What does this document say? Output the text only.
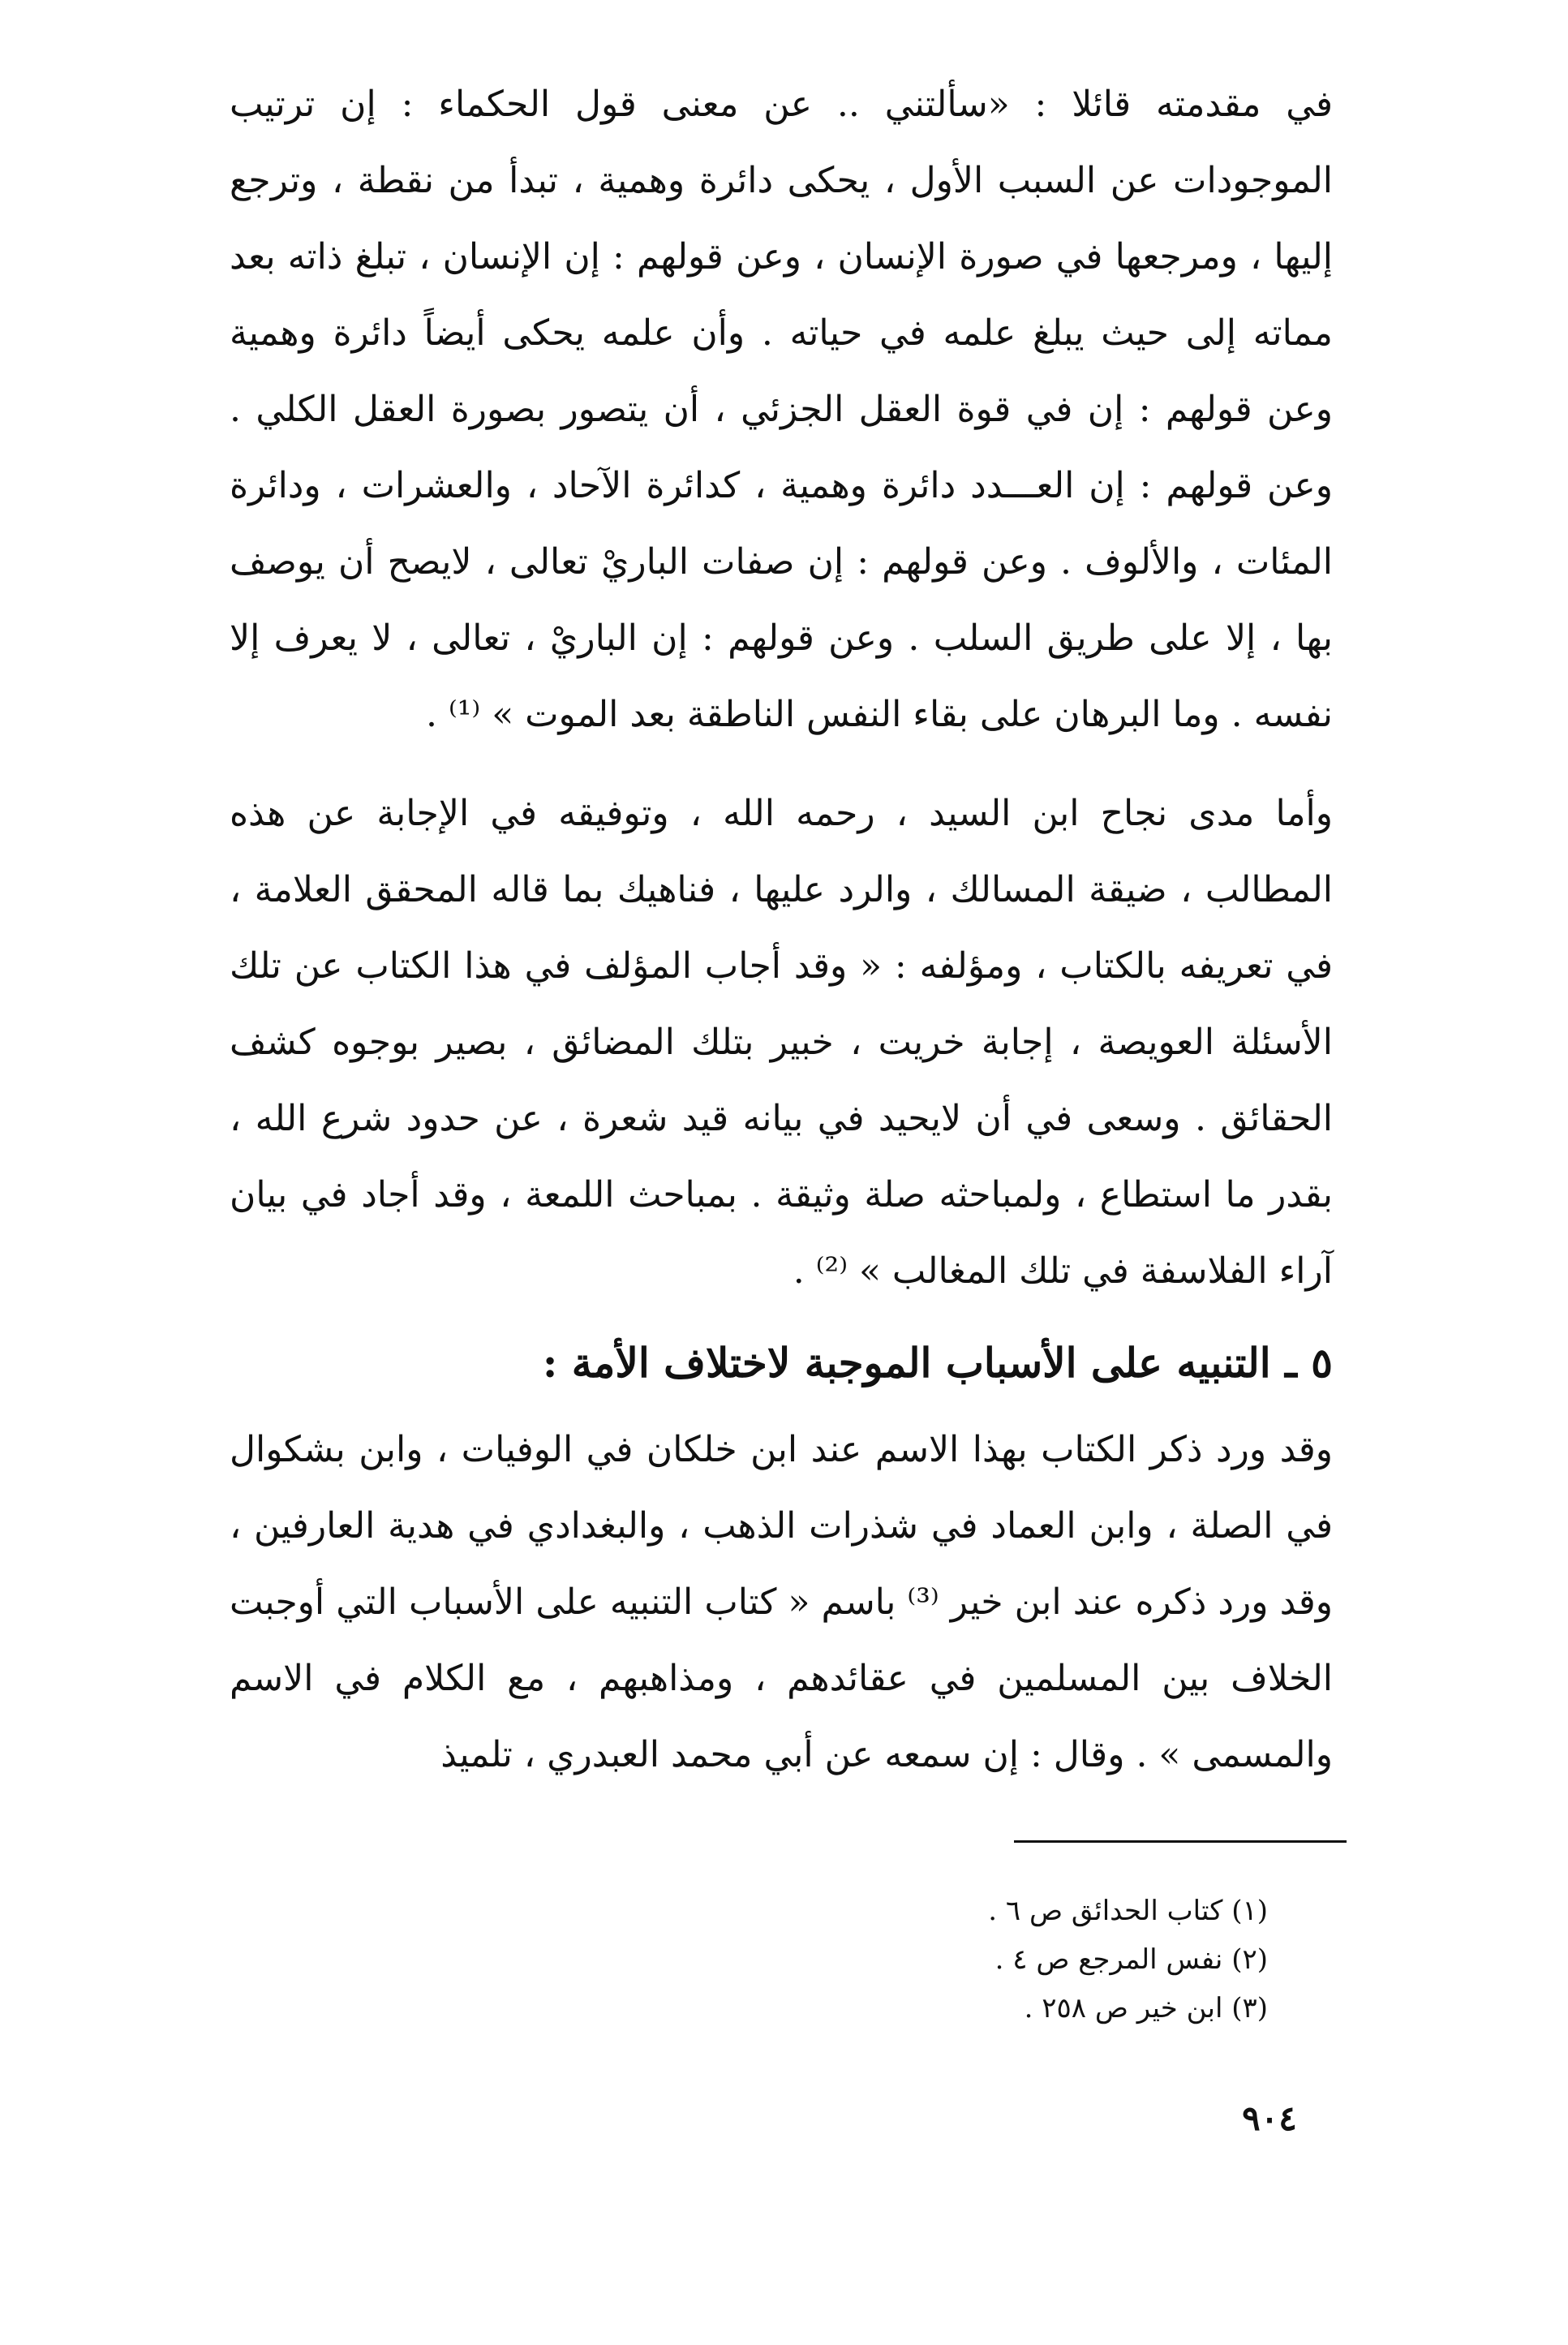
في مقدمته قائلا : «سألتني .. عن معنى قول الحكماء : إن ترتيب الموجودات عن السبب الأول ، يحكى دائرة وهمية ، تبدأ من نقطة ، وترجع إليها ، ومرجعها في صورة الإنسان ، وعن قولهم : إن الإنسان ، تبلغ ذاته بعد مماته إلى حيث يبلغ علمه في حياته . وأن علمه يحكى أيضاً دائرة وهمية وعن قولهم : إن في قوة العقل الجزئي ، أن يتصور بصورة العقل الكلي . وعن قولهم : إن العـــدد دائرة وهمية ، كدائرة الآحاد ، والعشرات ، ودائرة المئات ، والألوف . وعن قولهم : إن صفات الباريْ تعالى ، لايصح أن يوصف بها ، إلا على طريق السلب . وعن قولهم : إن الباريْ ، تعالى ، لا يعرف إلا نفسه . وما البرهان على بقاء النفس الناطقة بعد الموت » ⁽¹⁾ .

وأما مدى نجاح ابن السيد ، رحمه الله ، وتوفيقه في الإجابة عن هذه المطالب ، ضيقة المسالك ، والرد عليها ، فناهيك بما قاله المحقق العلامة ، في تعريفه بالكتاب ، ومؤلفه : « وقد أجاب المؤلف في هذا الكتاب عن تلك الأسئلة العويصة ، إجابة خريت ، خبير بتلك المضائق ، بصير بوجوه كشف الحقائق . وسعى في أن لايحيد في بيانه قيد شعرة ، عن حدود شرع الله ، بقدر ما استطاع ، ولمباحثه صلة وثيقة . بمباحث اللمعة ، وقد أجاد في بيان آراء الفلاسفة في تلك المغالب » ⁽²⁾ .

٥ ـ التنبيه على الأسباب الموجبة لاختلاف الأمة :

وقد ورد ذكر الكتاب بهذا الاسم عند ابن خلكان في الوفيات ، وابن بشكوال في الصلة ، وابن العماد في شذرات الذهب ، والبغدادي في هدية العارفين ، وقد ورد ذكره عند ابن خير ⁽³⁾ باسم « كتاب التنبيه على الأسباب التي أوجبت الخلاف بين المسلمين في عقائدهم ، ومذاهبهم ، مع الكلام في الاسم والمسمى » . وقال : إن سمعه عن أبي محمد العبدري ، تلميذ

(١) كتاب الحدائق ص ٦ .
(٢) نفس المرجع ص ٤ .
(٣) ابن خير ص ٢٥٨ .
٩٠٤
